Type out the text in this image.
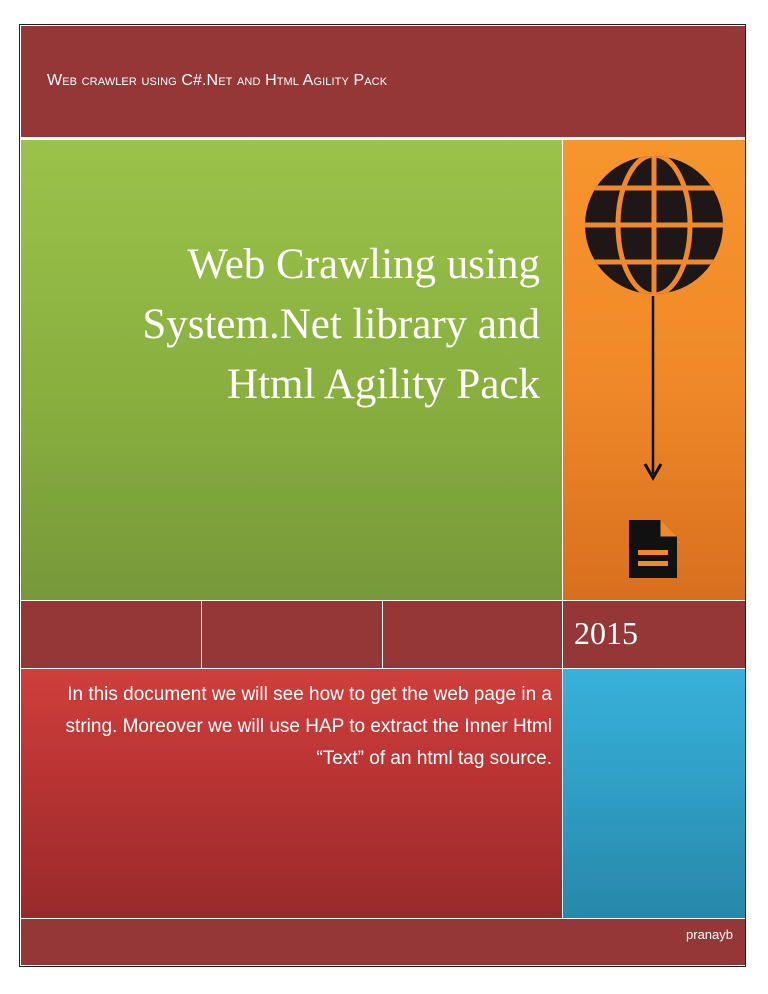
Web crawler using C#.Net and Html Agility Pack
Web Crawling using
System.Net library and
Html Agility Pack
2015
In this document we will see how to get the web page in a string. Moreover we will use HAP to extract the Inner Html “Text” of an html tag source.
pranayb
